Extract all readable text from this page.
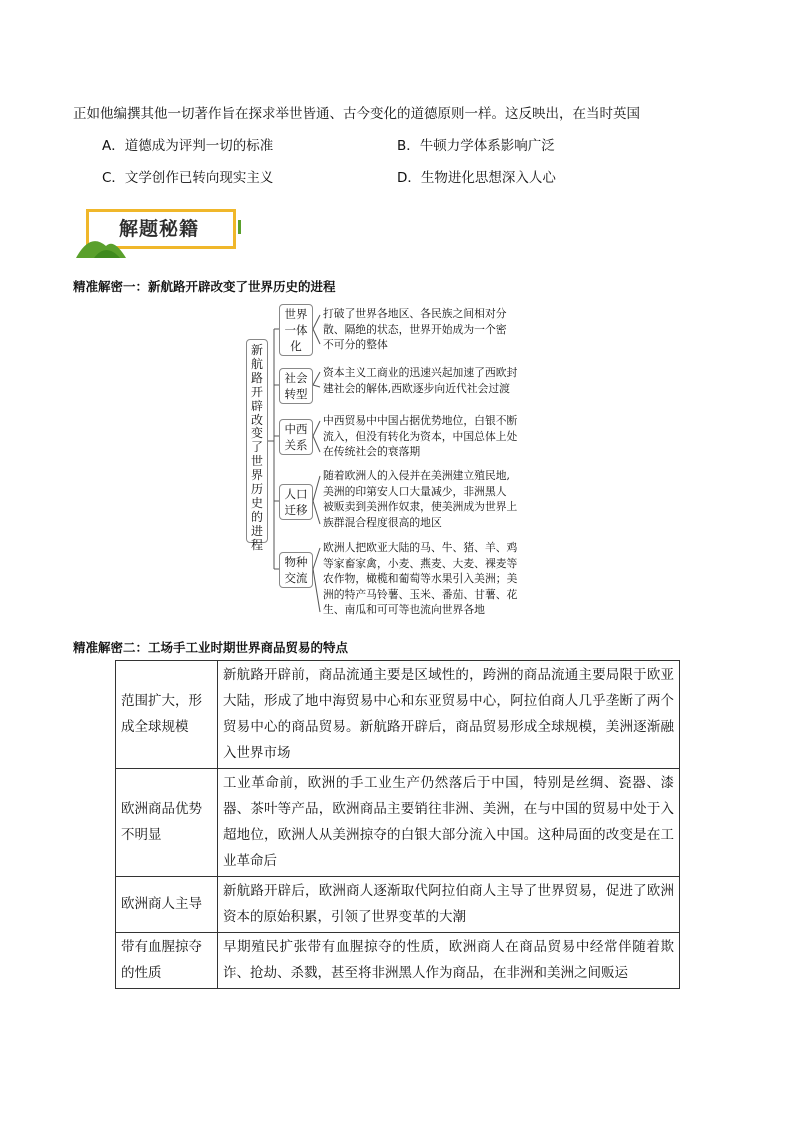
正如他编撰其他一切著作旨在探求举世皆通、古今变化的道德原则一样。这反映出，在当时英国
A．道德成为评判一切的标准	B．牛顿力学体系影响广泛
C．文学创作已转向现实主义	D．生物进化思想深入人心
解题秘籍
精准解密一：新航路开辟改变了世界历史的进程
新
航
路
开
辟
改
变
了
世
界
历
史
的
进
程
世界
一体
化
打破了世界各地区、各民族之间相对分
散、隔绝的状态，世界开始成为一个密
不可分的整体
社会
转型
资本主义工商业的迅速兴起加速了西欧封
建社会的解体,西欧逐步向近代社会过渡
中西
关系
中西贸易中中国占据优势地位，白银不断
流入，但没有转化为资本，中国总体上处
在传统社会的衰落期
人口
迁移
随着欧洲人的入侵并在美洲建立殖民地,
美洲的印第安人口大量减少，非洲黑人
被贩卖到美洲作奴隶，使美洲成为世界上
族群混合程度很高的地区
物种
交流
欧洲人把欧亚大陆的马、牛、猪、羊、鸡
等家畜家禽，小麦、燕麦、大麦、裸麦等
农作物，橄榄和葡萄等水果引入美洲；美
洲的特产马铃薯、玉米、番茄、甘薯、花
生、南瓜和可可等也流向世界各地
精准解密二：工场手工业时期世界商品贸易的特点
范围扩大，形成全球规模	新航路开辟前，商品流通主要是区域性的，跨洲的商品流通主要局限于欧亚大陆，形成了地中海贸易中心和东亚贸易中心，阿拉伯商人几乎垄断了两个贸易中心的商品贸易。新航路开辟后，商品贸易形成全球规模，美洲逐渐融入世界市场
欧洲商品优势不明显	工业革命前，欧洲的手工业生产仍然落后于中国，特别是丝绸、瓷器、漆器、茶叶等产品，欧洲商品主要销往非洲、美洲，在与中国的贸易中处于入超地位，欧洲人从美洲掠夺的白银大部分流入中国。这种局面的改变是在工业革命后
欧洲商人主导	新航路开辟后，欧洲商人逐渐取代阿拉伯商人主导了世界贸易，促进了欧洲资本的原始积累，引领了世界变革的大潮
带有血腥掠夺的性质	早期殖民扩张带有血腥掠夺的性质，欧洲商人在商品贸易中经常伴随着欺诈、抢劫、杀戮，甚至将非洲黑人作为商品，在非洲和美洲之间贩运
